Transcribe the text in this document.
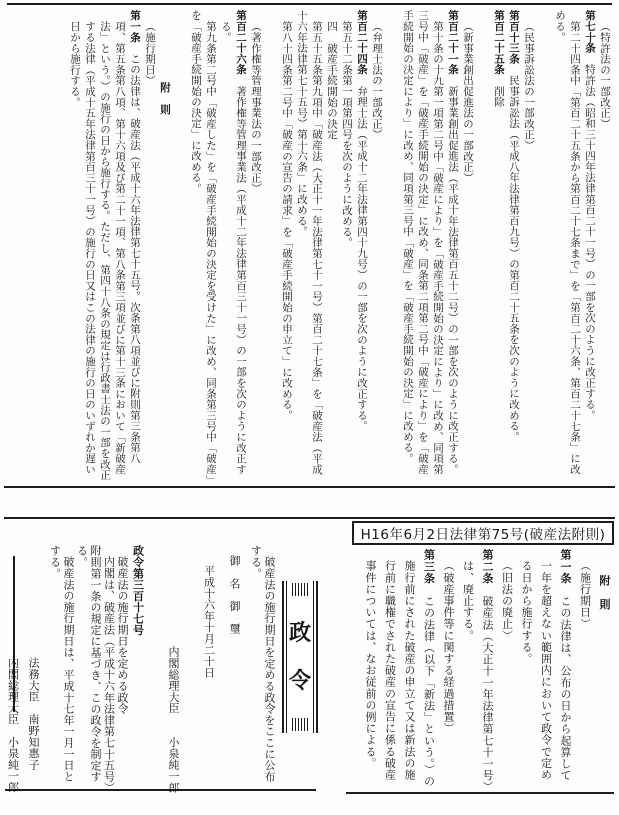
（特許法の一部改正）

第七十条　特許法（昭和三十四年法律第百二十一号）の一部を次のように改正する。

第二十四条中「第百二十五条から第百二十七条まで」を「第百二十六条、第百二十七条」に改める。

（民事訴訟法の一部改正）

第百十三条　民事訴訟法（平成八年法律第百九号）の第百二十五条を次のように改める。

第百二十五条　削除

（新事業創出促進法の一部改正）

第百二十一条　新事業創出促進法（平成十年法律第百五十二号）の一部を次のように改正する。

第十条の十九第一項第二号中「破産により」を「破産手続開始の決定により」に改め、同項第三号中「破産」を「破産手続開始の決定」に改め、同条第二項第二号中「破産により」を「破産手続開始の決定により」に改め、同項第三号中「破産」を「破産手続開始の決定」に改める。

（弁理士法の一部改正）

第百二十四条　弁理士法（平成十二年法律第四十九号）の一部を次のように改正する。

第五十二条第一項第四号を次のように改める。

四　破産手続開始の決定

第五十五条第九項中「破産法（大正十一年法律第七十一号）第百二十七条」を「破産法（平成十六年法律第七十五号）第十六条」に改める。

第八十四条第二号中「破産の宣告の請求」を「破産手続開始の申立て」に改める。

（著作権等管理事業法の一部改正）

第百二十六条　著作権等管理事業法（平成十二年法律第百三十一号）の一部を次のように改正する。

第九条第二号中「破産した」を「破産手続開始の決定を受けた」に改め、同条第三号中「破産」を「破産手続開始の決定」に改める。

附　則

（施行期日）

第一条　この法律は、破産法（平成十六年法律第七十五号。次条第八項並びに附則第三条第八項、第五条第八項、第十六項及び第二十一項、第八条第三項並びに第十三条において「新破産法」という。）の施行の日から施行する。ただし、第四十八条の規定は行政書士法の一部を改正する法律（平成十五年法律第百三十一号）の施行の日又はこの法律の施行の日のいずれか遅い日から施行する。

H16年6月2日法律第75号(破産法附則)

附　則

（施行期日）

第一条　この法律は、公布の日から起算して一年を超えない範囲内において政令で定める日から施行する。

（旧法の廃止）

第二条　破産法（大正十一年法律第七十一号）は、廃止する。

（破産事件等に関する経過措置）

第三条　この法律（以下「新法」という。）の施行前にされた破産の申立て又は新法の施行前に職権でされた破産の宣告に係る破産事件については、なお従前の例による。

政
令

破産法の施行期日を定める政令をここに公布する。

御　名　御　璽

平成十六年十月二十日

内閣総理大臣　　小泉純一郎

政令第三百十七号

破産法の施行期日を定める政令

内閣は、破産法（平成十六年法律第七十五号）附則第一条の規定に基づき、この政令を制定する。

破産法の施行期日は、平成十七年一月一日とする。

法務大臣　南野知惠子

内閣総理大臣　小泉純一郎
